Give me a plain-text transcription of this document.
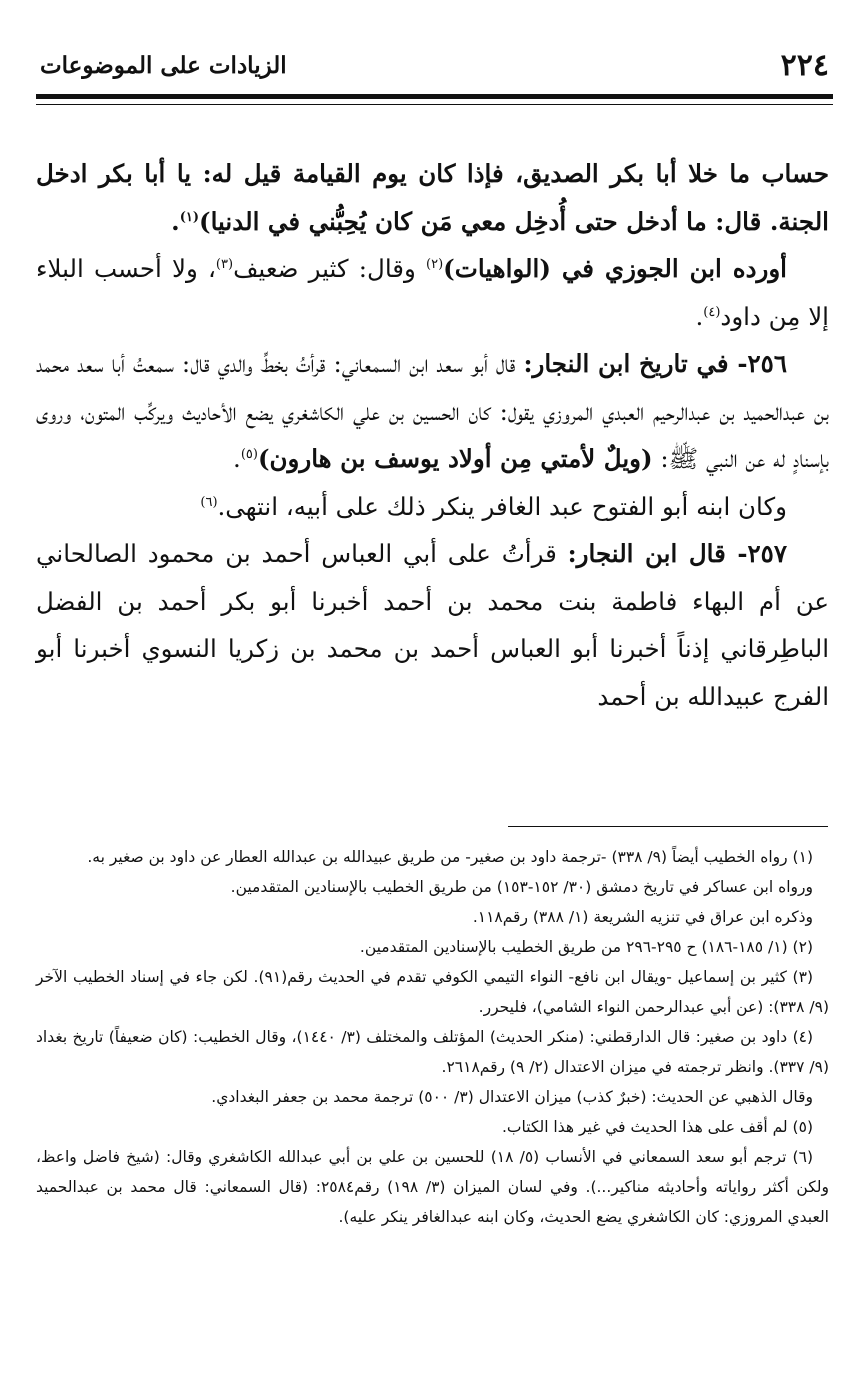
٢٢٤
الزيادات على الموضوعات

حساب ما خلا أبا بكر الصديق، فإذا كان يوم القيامة قيل له: يا أبا بكر ادخل الجنة. قال: ما أدخل حتى أُدخِل معي مَن كان يُحِبُّني في الدنيا)$^{(١)}$.

أورده ابن الجوزي في (الواهيات)$^{(٢)}$ وقال: كثير ضعيف$^{(٣)}$، ولا أحسب البلاء إلا مِن داود$^{(٤)}$.

٢٥٦- في تاريخ ابن النجار: قال أبو سعد ابن السمعاني: قرأتُ بخطِّ والدي قال: سمعتُ أبا سعد محمد بن عبدالحميد بن عبدالرحيم العبدي المروزي يقول: كان الحسين بن علي الكاشغري يضع الأحاديث ويركِّب المتون، وروى بإسنادٍ له عن النبي ﷺ: (ويلٌ لأمتي مِن أولاد يوسف بن هارون)$^{(٥)}$.

وكان ابنه أبو الفتوح عبد الغافر ينكر ذلك على أبيه، انتهى.$^{(٦)}$

٢٥٧- قال ابن النجار: قرأتُ على أبي العباس أحمد بن محمود الصالحاني عن أم البهاء فاطمة بنت محمد بن أحمد أخبرنا أبو بكر أحمد بن الفضل الباطِرقاني إذناً أخبرنا أبو العباس أحمد بن محمد بن زكريا النسوي أخبرنا أبو الفرج عبيدالله بن أحمد

(١) رواه الخطيب أيضاً (٩/ ٣٣٨) -ترجمة داود بن صغير- من طريق عبيدالله بن عبدالله العطار عن داود بن صغير به.

ورواه ابن عساكر في تاريخ دمشق (٣٠/ ١٥٢-١٥٣) من طريق الخطيب بالإسنادين المتقدمين.

وذكره ابن عراق في تنزيه الشريعة (١/ ٣٨٨) رقم١١٨.

(٢) (١/ ١٨٥-١٨٦) ح ٢٩٥-٢٩٦ من طريق الخطيب بالإسنادين المتقدمين.

(٣) كثير بن إسماعيل -ويقال ابن نافع- النواء التيمي الكوفي تقدم في الحديث رقم(٩١). لكن جاء في إسناد الخطيب الآخر (٩/ ٣٣٨): (عن أبي عبدالرحمن النواء الشامي)، فليحرر.

(٤) داود بن صغير: قال الدارقطني: (منكر الحديث) المؤتلف والمختلف (٣/ ١٤٤٠)، وقال الخطيب: (كان ضعيفاً) تاريخ بغداد (٩/ ٣٣٧). وانظر ترجمته في ميزان الاعتدال (٢/ ٩) رقم٢٦١٨.

وقال الذهبي عن الحديث: (خبرٌ كذب) ميزان الاعتدال (٣/ ٥٠٠) ترجمة محمد بن جعفر البغدادي.

(٥) لم أقف على هذا الحديث في غير هذا الكتاب.

(٦) ترجم أبو سعد السمعاني في الأنساب (٥/ ١٨) للحسين بن علي بن أبي عبدالله الكاشغري وقال: (شيخ فاضل واعظ، ولكن أكثر رواياته وأحاديثه مناكير...). وفي لسان الميزان (٣/ ١٩٨) رقم٢٥٨٤: (قال السمعاني: قال محمد بن عبدالحميد العبدي المروزي: كان الكاشغري يضع الحديث، وكان ابنه عبدالغافر ينكر عليه).
